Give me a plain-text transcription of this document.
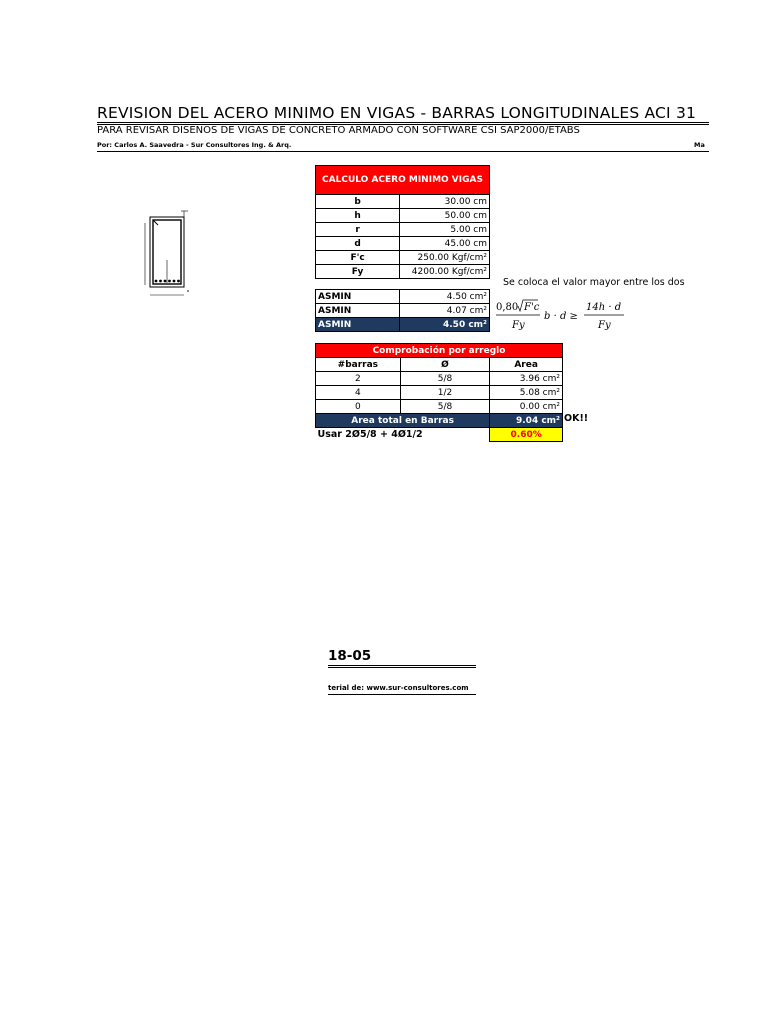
REVISION DEL ACERO MINIMO EN VIGAS - BARRAS LONGITUDINALES ACI 31
PARA REVISAR DISEÑOS DE VIGAS DE CONCRETO ARMADO CON SOFTWARE CSI SAP2000/ETABS
Por: Carlos A. Saavedra - Sur Consultores Ing. & Arq.	Ma
CALCULO ACERO MINIMO VIGAS	
b	30.00 cm
h	50.00 cm
r	5.00 cm
d	45.00 cm
F'c	250.00 Kgf/cm²
Fy	4200.00 Kgf/cm²
ASMIN	4.50 cm²
ASMIN	4.07 cm²
ASMIN	4.50 cm²
Se coloca el valor mayor entre los dos
0,80 F'c
Fy
b · d ≥
14h · d
Fy
Comprobación por arreglo		
#barras	Ø	Area
2	5/8	3.96 cm²
4	1/2	5.08 cm²
0	5/8	0.00 cm²
Area total en Barras		9.04 cm²
Usar 2Ø5/8 + 4Ø1/2		0.60%
OK!!
18-05
terial de: www.sur-consultores.com
